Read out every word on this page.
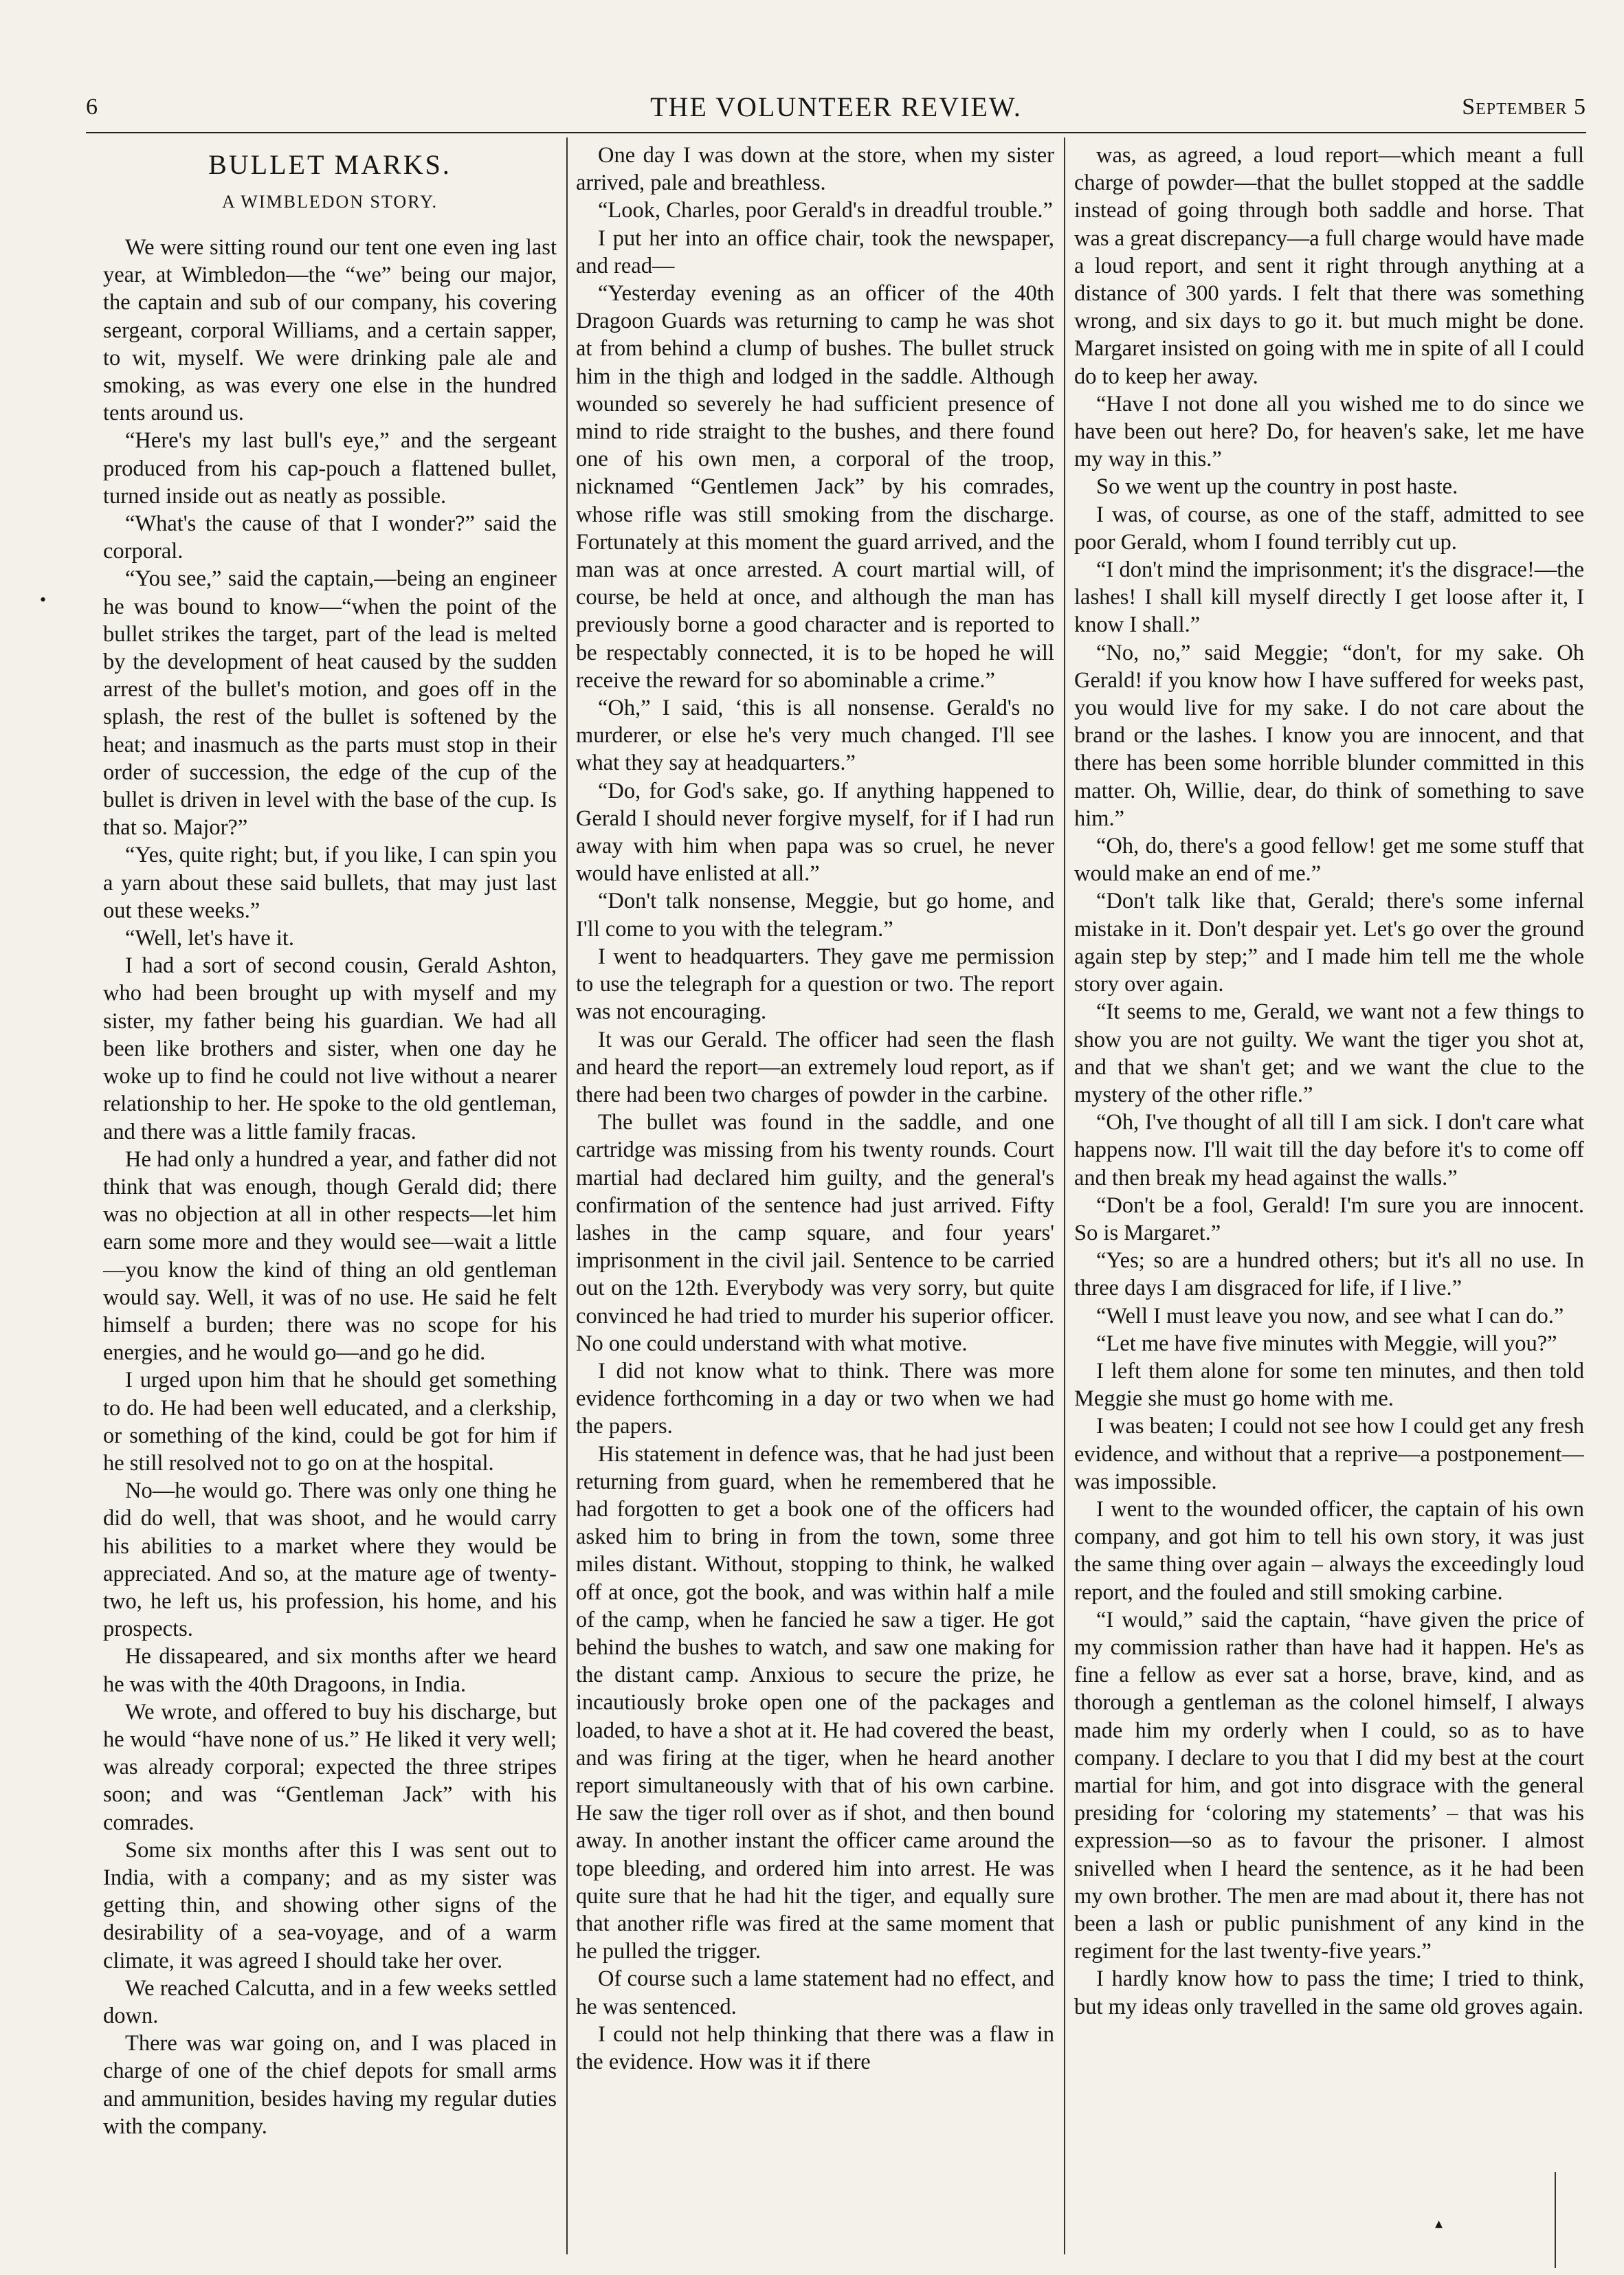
6	THE VOLUNTEER REVIEW.	September 5
BULLET MARKS.
A WIMBLEDON STORY.

We were sitting round our tent one even ing last year, at Wimbledon—the “we” being our major, the captain and sub of our company, his covering sergeant, corporal Williams, and a certain sapper, to wit, myself. We were drinking pale ale and smoking, as was every one else in the hundred tents around us.

“Here's my last bull's eye,” and the sergeant produced from his cap-pouch a flattened bullet, turned inside out as neatly as possible.

“What's the cause of that I wonder?” said the corporal.

“You see,” said the captain,—being an engineer he was bound to know—“when the point of the bullet strikes the target, part of the lead is melted by the development of heat caused by the sudden arrest of the bullet's motion, and goes off in the splash, the rest of the bullet is softened by the heat; and inasmuch as the parts must stop in their order of succession, the edge of the cup of the bullet is driven in level with the base of the cup. Is that so. Major?”

“Yes, quite right; but, if you like, I can spin you a yarn about these said bullets, that may just last out these weeks.”

“Well, let's have it.

I had a sort of second cousin, Gerald Ashton, who had been brought up with myself and my sister, my father being his guardian. We had all been like brothers and sister, when one day he woke up to find he could not live without a nearer relationship to her. He spoke to the old gentleman, and there was a little family fracas.

He had only a hundred a year, and father did not think that was enough, though Gerald did; there was no objection at all in other respects—let him earn some more and they would see—wait a little—you know the kind of thing an old gentleman would say. Well, it was of no use. He said he felt himself a burden; there was no scope for his energies, and he would go—and go he did.

I urged upon him that he should get something to do. He had been well educated, and a clerkship, or something of the kind, could be got for him if he still resolved not to go on at the hospital.

No—he would go. There was only one thing he did do well, that was shoot, and he would carry his abilities to a market where they would be appreciated. And so, at the mature age of twenty-two, he left us, his profession, his home, and his prospects.

He dissapeared, and six months after we heard he was with the 40th Dragoons, in India.

We wrote, and offered to buy his discharge, but he would “have none of us.” He liked it very well; was already corporal; expected the three stripes soon; and was “Gentleman Jack” with his comrades.

Some six months after this I was sent out to India, with a company; and as my sister was getting thin, and showing other signs of the desirability of a sea-voyage, and of a warm climate, it was agreed I should take her over.

We reached Calcutta, and in a few weeks settled down.

There was war going on, and I was placed in charge of one of the chief depots for small arms and ammunition, besides having my regular duties with the company.

One day I was down at the store, when my sister arrived, pale and breathless.

“Look, Charles, poor Gerald's in dreadful trouble.”

I put her into an office chair, took the newspaper, and read—

“Yesterday evening as an officer of the 40th Dragoon Guards was returning to camp he was shot at from behind a clump of bushes. The bullet struck him in the thigh and lodged in the saddle. Although wounded so severely he had sufficient presence of mind to ride straight to the bushes, and there found one of his own men, a corporal of the troop, nicknamed “Gentlemen Jack” by his comrades, whose rifle was still smoking from the discharge. Fortunately at this moment the guard arrived, and the man was at once arrested. A court martial will, of course, be held at once, and although the man has previously borne a good character and is reported to be respectably connected, it is to be hoped he will receive the reward for so abominable a crime.”

“Oh,” I said, ‘this is all nonsense. Gerald's no murderer, or else he's very much changed. I'll see what they say at headquarters.”

“Do, for God's sake, go. If anything happened to Gerald I should never forgive myself, for if I had run away with him when papa was so cruel, he never would have enlisted at all.”

“Don't talk nonsense, Meggie, but go home, and I'll come to you with the telegram.”

I went to headquarters. They gave me permission to use the telegraph for a question or two. The report was not encouraging.

It was our Gerald. The officer had seen the flash and heard the report—an extremely loud report, as if there had been two charges of powder in the carbine.

The bullet was found in the saddle, and one cartridge was missing from his twenty rounds. Court martial had declared him guilty, and the general's confirmation of the sentence had just arrived. Fifty lashes in the camp square, and four years' imprisonment in the civil jail. Sentence to be carried out on the 12th. Everybody was very sorry, but quite convinced he had tried to murder his superior officer. No one could understand with what motive.

I did not know what to think. There was more evidence forthcoming in a day or two when we had the papers.

His statement in defence was, that he had just been returning from guard, when he remembered that he had forgotten to get a book one of the officers had asked him to bring in from the town, some three miles distant. Without, stopping to think, he walked off at once, got the book, and was within half a mile of the camp, when he fancied he saw a tiger. He got behind the bushes to watch, and saw one making for the distant camp. Anxious to secure the prize, he incautiously broke open one of the packages and loaded, to have a shot at it. He had covered the beast, and was firing at the tiger, when he heard another report simultaneously with that of his own carbine. He saw the tiger roll over as if shot, and then bound away. In another instant the officer came around the tope bleeding, and ordered him into arrest. He was quite sure that he had hit the tiger, and equally sure that another rifle was fired at the same moment that he pulled the trigger.

Of course such a lame statement had no effect, and he was sentenced.

I could not help thinking that there was a flaw in the evidence. How was it if there

was, as agreed, a loud report—which meant a full charge of powder—that the bullet stopped at the saddle instead of going through both saddle and horse. That was a great discrepancy—a full charge would have made a loud report, and sent it right through anything at a distance of 300 yards. I felt that there was something wrong, and six days to go it. but much might be done. Margaret insisted on going with me in spite of all I could do to keep her away.

“Have I not done all you wished me to do since we have been out here? Do, for heaven's sake, let me have my way in this.”

So we went up the country in post haste.

I was, of course, as one of the staff, admitted to see poor Gerald, whom I found terribly cut up.

“I don't mind the imprisonment; it's the disgrace!—the lashes! I shall kill myself directly I get loose after it, I know I shall.”

“No, no,” said Meggie; “don't, for my sake. Oh Gerald! if you know how I have suffered for weeks past, you would live for my sake. I do not care about the brand or the lashes. I know you are innocent, and that there has been some horrible blunder committed in this matter. Oh, Willie, dear, do think of something to save him.”

“Oh, do, there's a good fellow! get me some stuff that would make an end of me.”

“Don't talk like that, Gerald; there's some infernal mistake in it. Don't despair yet. Let's go over the ground again step by step;” and I made him tell me the whole story over again.

“It seems to me, Gerald, we want not a few things to show you are not guilty. We want the tiger you shot at, and that we shan't get; and we want the clue to the mystery of the other rifle.”

“Oh, I've thought of all till I am sick. I don't care what happens now. I'll wait till the day before it's to come off and then break my head against the walls.”

“Don't be a fool, Gerald! I'm sure you are innocent. So is Margaret.”

“Yes; so are a hundred others; but it's all no use. In three days I am disgraced for life, if I live.”

“Well I must leave you now, and see what I can do.”

“Let me have five minutes with Meggie, will you?”

I left them alone for some ten minutes, and then told Meggie she must go home with me.

I was beaten; I could not see how I could get any fresh evidence, and without that a reprive—a postponement—was impossible.

I went to the wounded officer, the captain of his own company, and got him to tell his own story, it was just the same thing over again – always the exceedingly loud report, and the fouled and still smoking carbine.

“I would,” said the captain, “have given the price of my commission rather than have had it happen. He's as fine a fellow as ever sat a horse, brave, kind, and as thorough a gentleman as the colonel himself, I always made him my orderly when I could, so as to have company. I declare to you that I did my best at the court martial for him, and got into disgrace with the general presiding for ‘coloring my statements’ – that was his expression—so as to favour the prisoner. I almost snivelled when I heard the sentence, as it he had been my own brother. The men are mad about it, there has not been a lash or public punishment of any kind in the regiment for the last twenty-five years.”

I hardly know how to pass the time; I tried to think, but my ideas only travelled in the same old groves again.

•
▴
